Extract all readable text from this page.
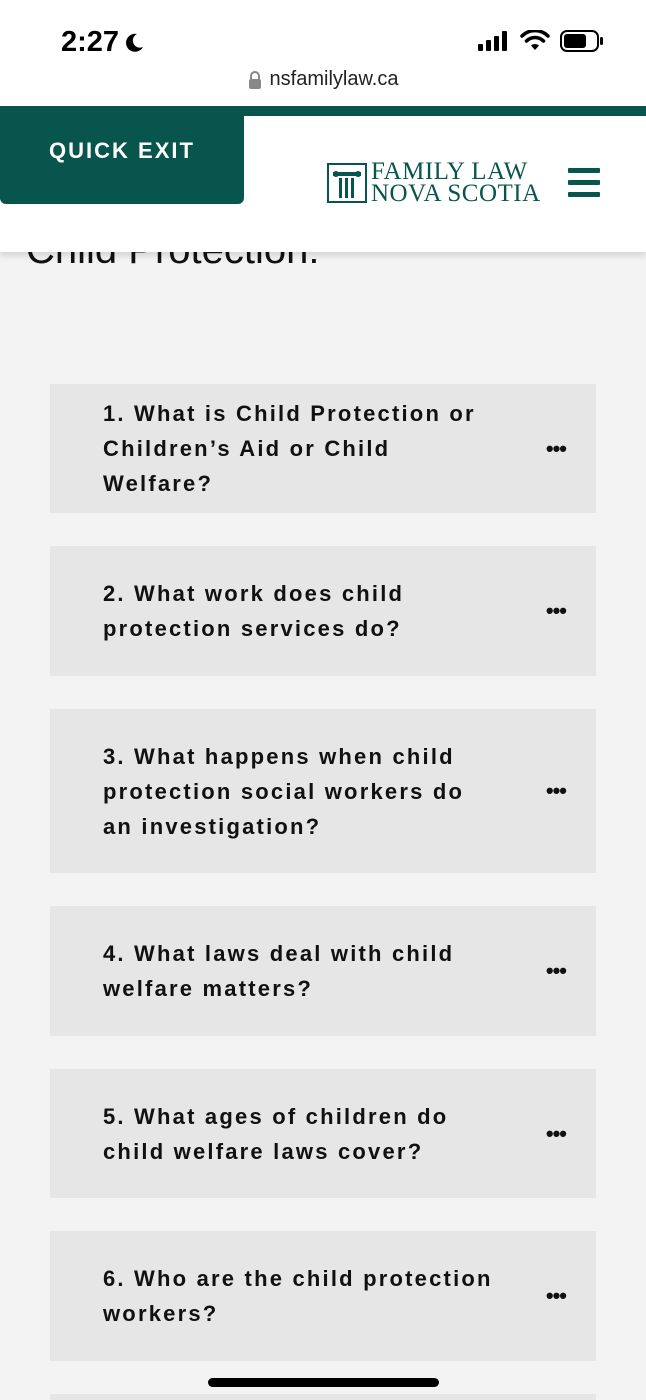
2:27
nsfamilylaw.ca
QUICK EXIT
FAMILY LAW
NOVA SCOTIA
1. What is Child Protection or Children’s Aid or Child Welfare?
•••
2. What work does child protection services do?
•••
3. What happens when child protection social workers do an investigation?
•••
4. What laws deal with child welfare matters?
•••
5. What ages of children do child welfare laws cover?
•••
6. Who are the child protection workers?
•••
